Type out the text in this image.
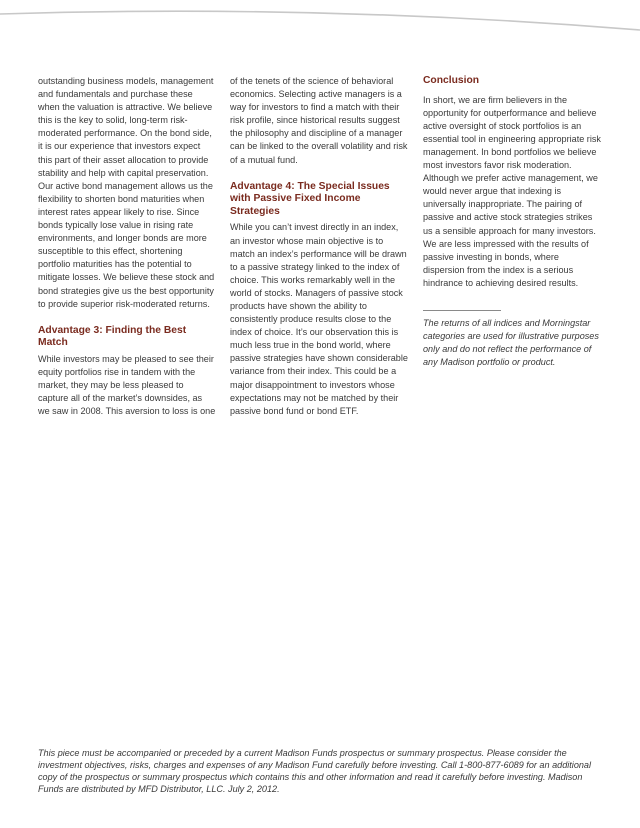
outstanding business models, management and fundamentals and purchase these when the valuation is attractive. We believe this is the key to solid, long-term risk-moderated performance. On the bond side, it is our experience that investors expect this part of their asset allocation to provide stability and help with capital preservation. Our active bond management allows us the flexibility to shorten bond maturities when interest rates appear likely to rise. Since bonds typically lose value in rising rate environments, and longer bonds are more susceptible to this effect, shortening portfolio maturities has the potential to mitigate losses. We believe these stock and bond strategies give us the best opportunity to provide superior risk-moderated returns.

Advantage 3: Finding the Best Match

While investors may be pleased to see their equity portfolios rise in tandem with the market, they may be less pleased to capture all of the market’s downsides, as we saw in 2008. This aversion to loss is one

of the tenets of the science of behavioral economics. Selecting active managers is a way for investors to find a match with their risk profile, since historical results suggest the philosophy and discipline of a manager can be linked to the overall volatility and risk of a mutual fund.

Advantage 4: The Special Issues with Passive Fixed Income Strategies

While you can’t invest directly in an index, an investor whose main objective is to match an index’s performance will be drawn to a passive strategy linked to the index of choice. This works remarkably well in the world of stocks. Managers of passive stock products have shown the ability to consistently produce results close to the index of choice. It’s our observation this is much less true in the bond world, where passive strategies have shown considerable variance from their index. This could be a major disappointment to investors whose expectations may not be matched by their passive bond fund or bond ETF.

Conclusion

In short, we are firm believers in the opportunity for outperformance and believe active oversight of stock portfolios is an essential tool in engineering appropriate risk management. In bond portfolios we believe most investors favor risk moderation. Although we prefer active management, we would never argue that indexing is universally inappropriate. The pairing of passive and active stock strategies strikes us a sensible approach for many investors. We are less impressed with the results of passive investing in bonds, where dispersion from the index is a serious hindrance to achieving desired results.

The returns of all indices and Morningstar categories are used for illustrative purposes only and do not reflect the performance of any Madison portfolio or product.

This piece must be accompanied or preceded by a current Madison Funds prospectus or summary prospectus. Please consider the investment objectives, risks, charges and expenses of any Madison Fund carefully before investing. Call 1-800-877-6089 for an additional copy of the prospectus or summary prospectus which contains this and other information and read it carefully before investing. Madison Funds are distributed by MFD Distributor, LLC. July 2, 2012.
